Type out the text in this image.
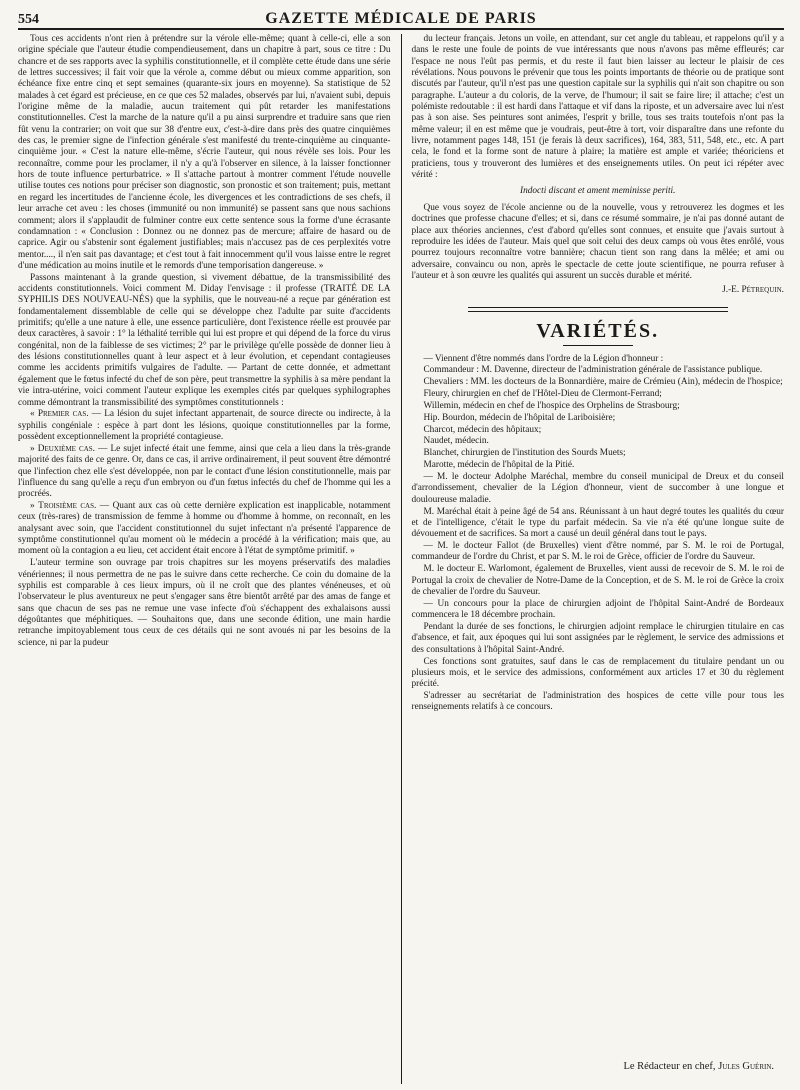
554	GAZETTE MÉDICALE DE PARIS

Tous ces accidents n'ont rien à prétendre sur la vérole elle-même; quant à celle-ci, elle a son origine spéciale que l'auteur étudie compendieusement, dans un chapitre à part, sous ce titre : Du chancre et de ses rapports avec la syphilis constitutionnelle, et il complète cette étude dans une série de lettres successives; il fait voir que la vérole a, comme début ou mieux comme apparition, son échéance fixe entre cinq et sept semaines (quarante-six jours en moyenne). Sa statistique de 52 malades à cet égard est précieuse, en ce que ces 52 malades, observés par lui, n'avaient subi, depuis l'origine même de la maladie, aucun traitement qui pût retarder les manifestations constitutionnelles. C'est la marche de la nature qu'il a pu ainsi surprendre et traduire sans que rien fût venu la contrarier; on voit que sur 38 d'entre eux, c'est-à-dire dans près des quatre cinquièmes des cas, le premier signe de l'infection générale s'est manifesté du trente-cinquième au cinquante-cinquième jour. « C'est la nature elle-même, s'écrie l'auteur, qui nous révèle ses lois. Pour les reconnaître, comme pour les proclamer, il n'y a qu'à l'observer en silence, à la laisser fonctionner hors de toute influence perturbatrice. » Il s'attache partout à montrer comment l'étude nouvelle utilise toutes ces notions pour préciser son diagnostic, son pronostic et son traitement; puis, mettant en regard les incertitudes de l'ancienne école, les divergences et les contradictions de ses chefs, il leur arrache cet aveu : les choses (immunité ou non immunité) se passent sans que nous sachions comment; alors il s'applaudit de fulminer contre eux cette sentence sous la forme d'une écrasante condamnation : « Conclusion : Donnez ou ne donnez pas de mercure; affaire de hasard ou de caprice. Agir ou s'abstenir sont également justifiables; mais n'accusez pas de ces perplexités votre mentor...., il n'en sait pas davantage; et c'est tout à fait innocemment qu'il vous laisse entre le regret d'une médication au moins inutile et le remords d'une temporisation dangereuse. »

Passons maintenant à la grande question, si vivement débattue, de la transmissibilité des accidents constitutionnels. Voici comment M. Diday l'envisage : il professe (TRAITÉ DE LA SYPHILIS DES NOUVEAU-NÉS) que la syphilis, que le nouveau-né a reçue par génération est fondamentalement dissemblable de celle qui se développe chez l'adulte par suite d'accidents primitifs; qu'elle a une nature à elle, une essence particulière, dont l'existence réelle est prouvée par deux caractères, à savoir : 1° la léthalité terrible qui lui est propre et qui dépend de la force du virus congénital, non de la faiblesse de ses victimes; 2° par le privilège qu'elle possède de donner lieu à des lésions constitutionnelles quant à leur aspect et à leur évolution, et cependant contagieuses comme les accidents primitifs vulgaires de l'adulte. — Partant de cette donnée, et admettant également que le fœtus infecté du chef de son père, peut transmettre la syphilis à sa mère pendant la vie intra-utérine, voici comment l'auteur explique les exemples cités par quelques syphilographes comme démontrant la transmissibilité des symptômes constitutionnels :

« Premier cas. — La lésion du sujet infectant appartenait, de source directe ou indirecte, à la syphilis congéniale : espèce à part dont les lésions, quoique constitutionnelles par la forme, possèdent exceptionnellement la propriété contagieuse.

» Deuxième cas. — Le sujet infecté était une femme, ainsi que cela a lieu dans la très-grande majorité des faits de ce genre. Or, dans ce cas, il arrive ordinairement, il peut souvent être démontré que l'infection chez elle s'est développée, non par le contact d'une lésion constitutionnelle, mais par l'influence du sang qu'elle a reçu d'un embryon ou d'un fœtus infectés du chef de l'homme qui les a procréés.

» Troisième cas. — Quant aux cas où cette dernière explication est inapplicable, notamment ceux (très-rares) de transmission de femme à homme ou d'homme à homme, on reconnaît, en les analysant avec soin, que l'accident constitutionnel du sujet infectant n'a présenté l'apparence de symptôme constitutionnel qu'au moment où le médecin a procédé à la vérification; mais que, au moment où la contagion a eu lieu, cet accident était encore à l'état de symptôme primitif. »

L'auteur termine son ouvrage par trois chapitres sur les moyens préservatifs des maladies vénériennes; il nous permettra de ne pas le suivre dans cette recherche. Ce coin du domaine de la syphilis est comparable à ces lieux impurs, où il ne croît que des plantes vénéneuses, et où l'observateur le plus aventureux ne peut s'engager sans être bientôt arrêté par des amas de fange et sans que chacun de ses pas ne remue une vase infecte d'où s'échappent des exhalaisons aussi dégoûtantes que méphitiques. — Souhaitons que, dans une seconde édition, une main hardie retranche impitoyablement tous ceux de ces détails qui ne sont avoués ni par les besoins de la science, ni par la pudeur

du lecteur français. Jetons un voile, en attendant, sur cet angle du tableau, et rappelons qu'il y a dans le reste une foule de points de vue intéressants que nous n'avons pas même effleurés; car l'espace ne nous l'eût pas permis, et du reste il faut bien laisser au lecteur le plaisir de ces révélations. Nous pouvons le prévenir que tous les points importants de théorie ou de pratique sont discutés par l'auteur, qu'il n'est pas une question capitale sur la syphilis qui n'ait son chapitre ou son paragraphe. L'auteur a du coloris, de la verve, de l'humour; il sait se faire lire; il attache; c'est un polémiste redoutable : il est hardi dans l'attaque et vif dans la riposte, et un adversaire avec lui n'est pas à son aise. Ses peintures sont animées, l'esprit y brille, tous ses traits toutefois n'ont pas la même valeur; il en est même que je voudrais, peut-être à tort, voir disparaître dans une refonte du livre, notamment pages 148, 151 (je ferais là deux sacrifices), 164, 383, 511, 548, etc., etc. A part cela, le fond et la forme sont de nature à plaire; la matière est ample et variée; théoriciens et praticiens, tous y trouveront des lumières et des enseignements utiles. On peut ici répéter avec vérité :

Indocti discant et ament meminisse periti.

Que vous soyez de l'école ancienne ou de la nouvelle, vous y retrouverez les dogmes et les doctrines que professe chacune d'elles; et si, dans ce résumé sommaire, je n'ai pas donné autant de place aux théories anciennes, c'est d'abord qu'elles sont connues, et ensuite que j'avais surtout à reproduire les idées de l'auteur. Mais quel que soit celui des deux camps où vous êtes enrôlé, vous pourrez toujours reconnaître votre bannière; chacun tient son rang dans la mêlée; et ami ou adversaire, convaincu ou non, après le spectacle de cette joute scientifique, ne pourra refuser à l'auteur et à son œuvre les qualités qui assurent un succès durable et mérité.

J.-E. Pétrequin.

VARIÉTÉS.

— Viennent d'être nommés dans l'ordre de la Légion d'honneur :

Commandeur : M. Davenne, directeur de l'administration générale de l'assistance publique.

Chevaliers : MM. les docteurs de la Bonnardière, maire de Crémieu (Ain), médecin de l'hospice;

Fleury, chirurgien en chef de l'Hôtel-Dieu de Clermont-Ferrand;

Willemin, médecin en chef de l'hospice des Orphelins de Strasbourg;

Hip. Bourdon, médecin de l'hôpital de Lariboisière;

Charcot, médecin des hôpitaux;

Naudet, médecin.

Blanchet, chirurgien de l'institution des Sourds Muets;

Marotte, médecin de l'hôpital de la Pitié.

— M. le docteur Adolphe Maréchal, membre du conseil municipal de Dreux et du conseil d'arrondissement, chevalier de la Légion d'honneur, vient de succomber à une longue et douloureuse maladie.

M. Maréchal était à peine âgé de 54 ans. Réunissant à un haut degré toutes les qualités du cœur et de l'intelligence, c'était le type du parfait médecin. Sa vie n'a été qu'une longue suite de dévouement et de sacrifices. Sa mort a causé un deuil général dans tout le pays.

— M. le docteur Fallot (de Bruxelles) vient d'être nommé, par S. M. le roi de Portugal, commandeur de l'ordre du Christ, et par S. M. le roi de Grèce, officier de l'ordre du Sauveur.

M. le docteur E. Warlomont, également de Bruxelles, vient aussi de recevoir de S. M. le roi de Portugal la croix de chevalier de Notre-Dame de la Conception, et de S. M. le roi de Grèce la croix de chevalier de l'ordre du Sauveur.

— Un concours pour la place de chirurgien adjoint de l'hôpital Saint-André de Bordeaux commencera le 18 décembre prochain.

Pendant la durée de ses fonctions, le chirurgien adjoint remplace le chirurgien titulaire en cas d'absence, et fait, aux époques qui lui sont assignées par le règlement, le service des admissions et des consultations à l'hôpital Saint-André.

Ces fonctions sont gratuites, sauf dans le cas de remplacement du titulaire pendant un ou plusieurs mois, et le service des admissions, conformément aux articles 17 et 30 du règlement précité.

S'adresser au secrétariat de l'administration des hospices de cette ville pour tous les renseignements relatifs à ce concours.

Le Rédacteur en chef, Jules Guérin.
